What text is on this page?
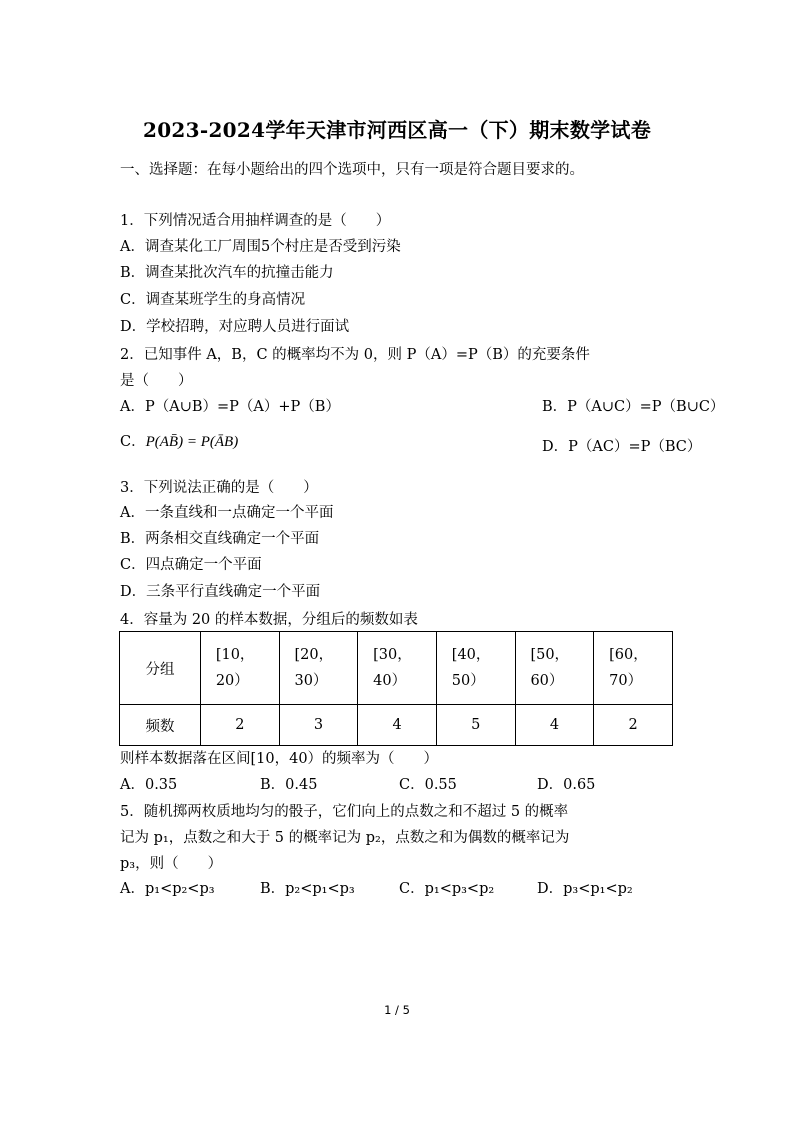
2023-2024学年天津市河西区高一（下）期末数学试卷
一、选择题：在每小题给出的四个选项中，只有一项是符合题目要求的。
1．下列情况适合用抽样调查的是（　　）
A．调查某化工厂周围5个村庄是否受到污染
B．调查某批次汽车的抗撞击能力
C．调查某班学生的身高情况
D．学校招聘，对应聘人员进行面试
2．已知事件 A，B，C 的概率均不为 0，则 P（A）=P（B）的充要条件
是（　　）
A．P（A∪B）=P（A）+P（B）	B．P（A∪C）=P（B∪C）
C．P(AB̄) = P(ĀB)	D．P（AC）=P（BC）
3．下列说法正确的是（　　）
A．一条直线和一点确定一个平面
B．两条相交直线确定一个平面
C．四点确定一个平面
D．三条平行直线确定一个平面
4．容量为 20 的样本数据，分组后的频数如表
分组	[10，20）	[20，30）	[30，40）	[40，50）	[50，60）	[60，70）
频数	2	3	4	5	4	2
则样本数据落在区间[10，40）的频率为（　　）
A．0.35	B．0.45	C．0.55	D．0.65
5．随机掷两枚质地均匀的骰子，它们向上的点数之和不超过 5 的概率
记为 p₁，点数之和大于 5 的概率记为 p₂，点数之和为偶数的概率记为
p₃，则（　　）
A．p₁<p₂<p₃	B．p₂<p₁<p₃	C．p₁<p₃<p₂	D．p₃<p₁<p₂
1 / 5
